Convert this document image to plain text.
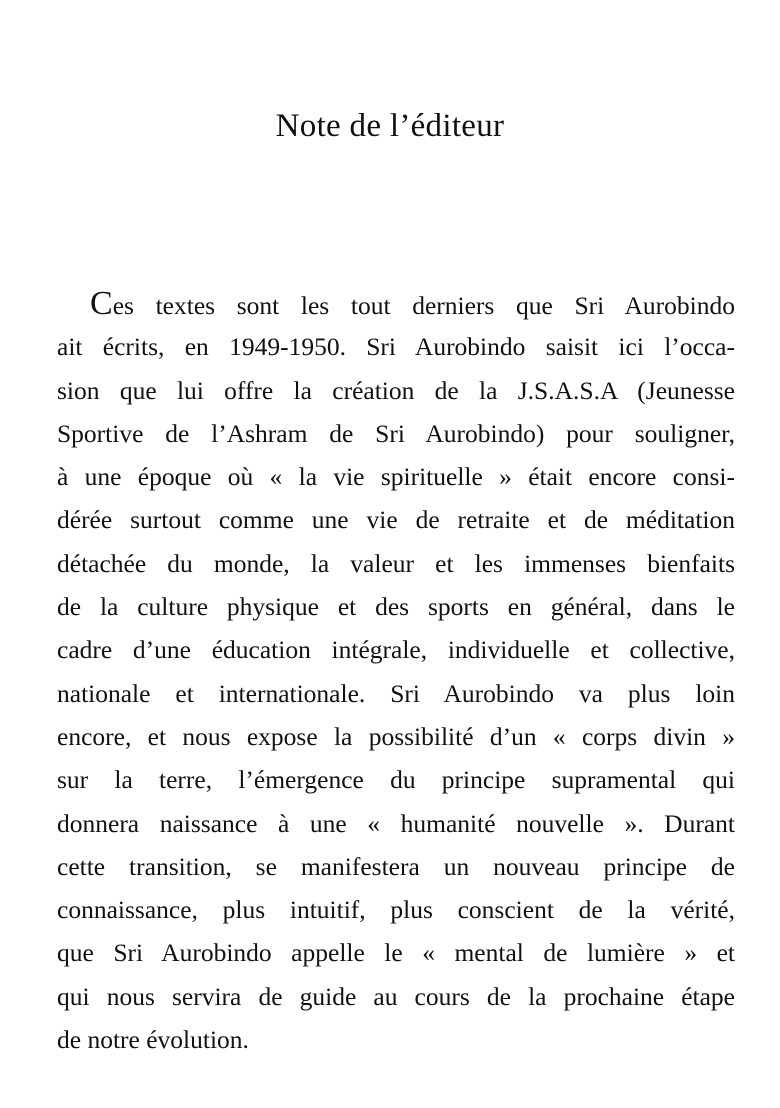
Note de l’éditeur
Ces textes sont les tout derniers que Sri Aurobindo
ait écrits, en 1949-1950. Sri Aurobindo saisit ici l’occa-
sion que lui offre la création de la J.S.A.S.A (Jeunesse
Sportive de l’Ashram de Sri Aurobindo) pour souligner,
à une époque où « la vie spirituelle » était encore consi-
dérée surtout comme une vie de retraite et de méditation
détachée du monde, la valeur et les immenses bienfaits
de la culture physique et des sports en général, dans le
cadre d’une éducation intégrale, individuelle et collective,
nationale et internationale. Sri Aurobindo va plus loin
encore, et nous expose la possibilité d’un « corps divin »
sur la terre, l’émergence du principe supramental qui
donnera naissance à une « humanité nouvelle ». Durant
cette transition, se manifestera un nouveau principe de
connaissance, plus intuitif, plus conscient de la vérité,
que Sri Aurobindo appelle le « mental de lumière » et
qui nous servira de guide au cours de la prochaine étape
de notre évolution.
